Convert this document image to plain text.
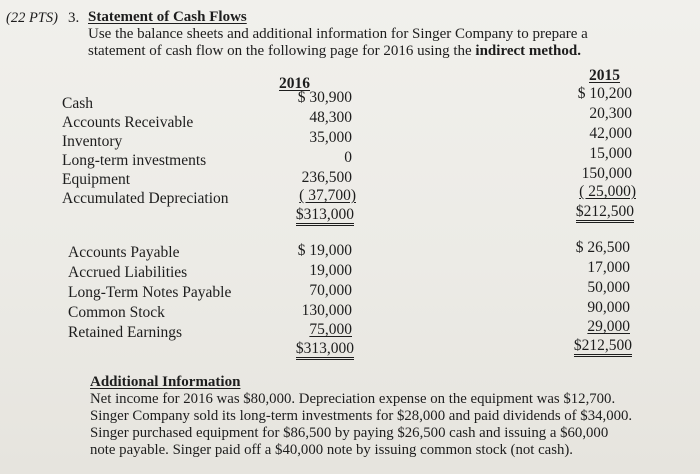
(22 PTS) 3. Statement of Cash Flows
Use the balance sheets and additional information for Singer Company to prepare a
statement of cash flow on the following page for 2016 using the indirect method.
2016	2015
Cash
Accounts Receivable
Inventory
Long-term investments
Equipment
Accumulated Depreciation
$ 30,900
48,300
35,000
0
236,500
( 37,700)
$313,000
$ 10,200
20,300
42,000
15,000
150,000
( 25,000)
$212,500
Accounts Payable
Accrued Liabilities
Long-Term Notes Payable
Common Stock
Retained Earnings
$ 19,000
19,000
70,000
130,000
75,000
$313,000
$ 26,500
17,000
50,000
90,000
29,000
$212,500
Additional Information
Net income for 2016 was $80,000. Depreciation expense on the equipment was $12,700.
Singer Company sold its long-term investments for $28,000 and paid dividends of $34,000.
Singer purchased equipment for $86,500 by paying $26,500 cash and issuing a $60,000
note payable. Singer paid off a $40,000 note by issuing common stock (not cash).
